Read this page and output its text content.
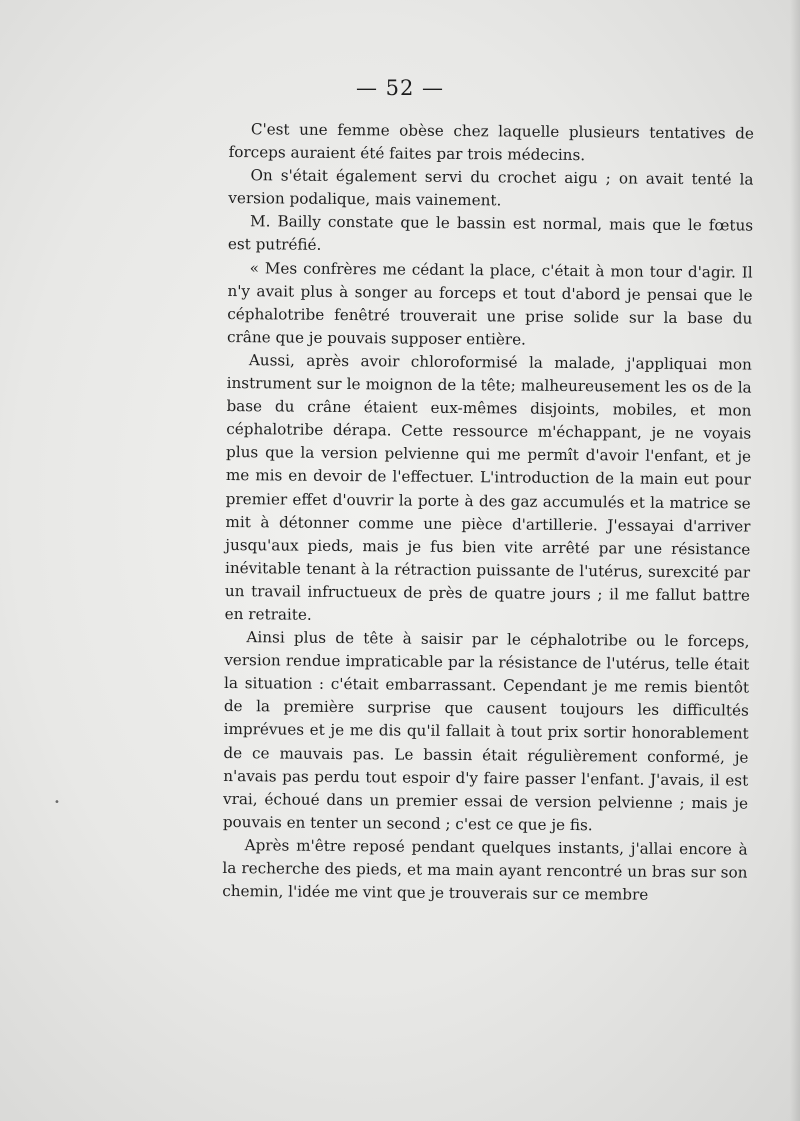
— 52 —
•

C'est une femme obèse chez laquelle plusieurs tentatives de forceps auraient été faites par trois médecins.

On s'était également servi du crochet aigu ; on avait tenté la version podalique, mais vainement.

M. Bailly constate que le bassin est normal, mais que le fœtus est putréfié.

« Mes confrères me cédant la place, c'était à mon tour d'agir. Il n'y avait plus à songer au forceps et tout d'abord je pensai que le céphalotribe fenêtré trouverait une prise solide sur la base du crâne que je pouvais supposer entière.

Aussi, après avoir chloroformisé la malade, j'appliquai mon instrument sur le moignon de la tête; malheureusement les os de la base du crâne étaient eux-mêmes disjoints, mobiles, et mon céphalotribe dérapa. Cette ressource m'échappant, je ne voyais plus que la version pelvienne qui me permît d'avoir l'enfant, et je me mis en devoir de l'effectuer. L'introduction de la main eut pour premier effet d'ouvrir la porte à des gaz accumulés et la matrice se mit à détonner comme une pièce d'artillerie. J'essayai d'arriver jusqu'aux pieds, mais je fus bien vite arrêté par une résistance inévitable tenant à la rétraction puissante de l'utérus, surexcité par un travail infructueux de près de quatre jours ; il me fallut battre en retraite.

Ainsi plus de tête à saisir par le céphalotribe ou le forceps, version rendue impraticable par la résistance de l'utérus, telle était la situation : c'était embarrassant. Cependant je me remis bientôt de la première surprise que causent toujours les difficultés imprévues et je me dis qu'il fallait à tout prix sortir honorablement de ce mauvais pas. Le bassin était régulièrement conformé, je n'avais pas perdu tout espoir d'y faire passer l'enfant. J'avais, il est vrai, échoué dans un premier essai de version pelvienne ; mais je pouvais en tenter un second ; c'est ce que je fis.

Après m'être reposé pendant quelques instants, j'allai encore à la recherche des pieds, et ma main ayant rencontré un bras sur son chemin, l'idée me vint que je trouverais sur ce membre
